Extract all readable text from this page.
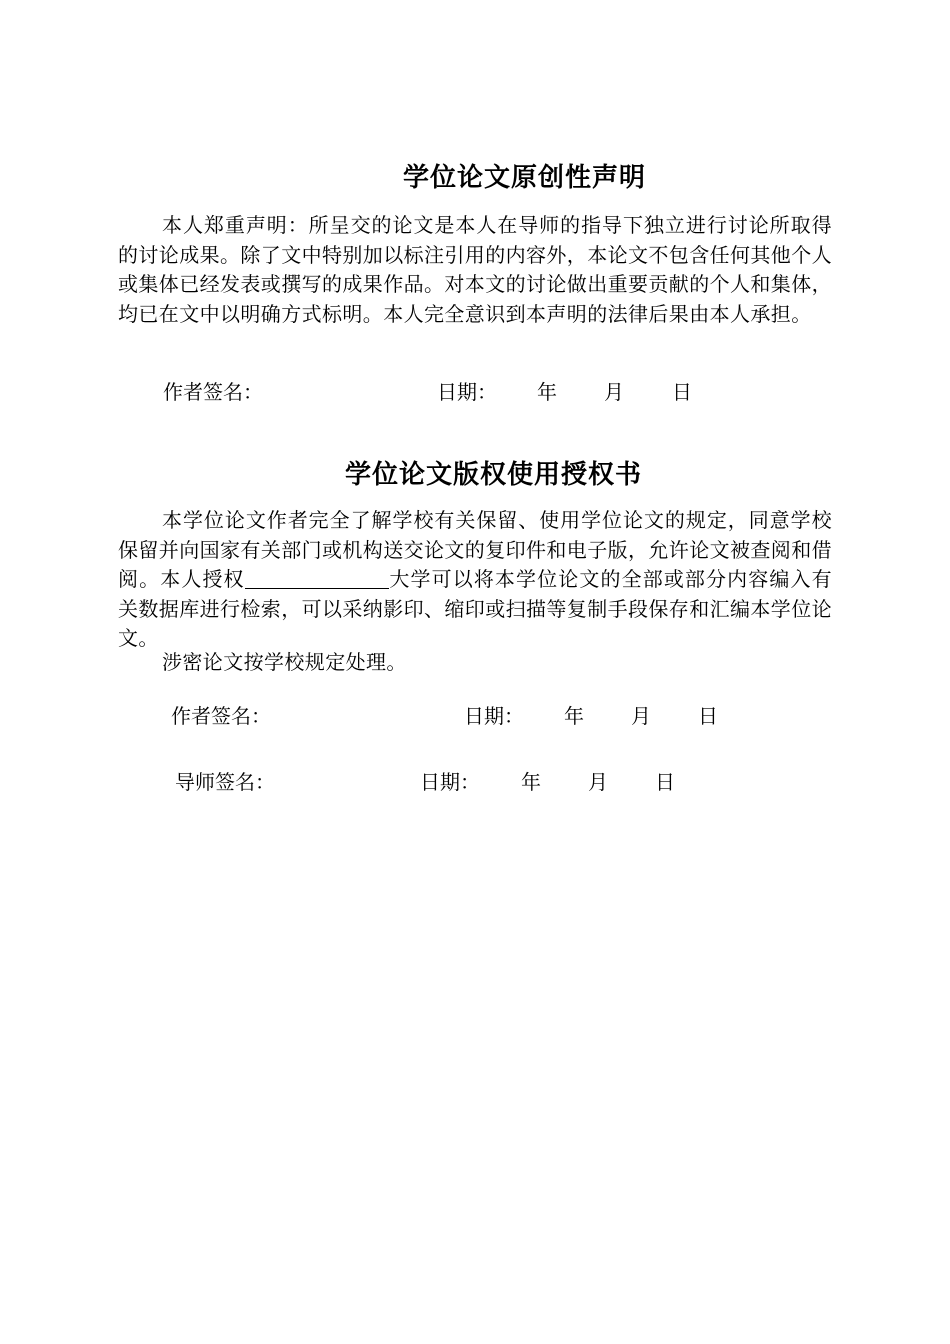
学位论文原创性声明

本人郑重声明：所呈交的论文是本人在导师的指导下独立进行讨论所取得的讨论成果。除了文中特别加以标注引用的内容外，本论文不包含任何其他个人或集体已经发表或撰写的成果作品。对本文的讨论做出重要贡献的个人和集体，均已在文中以明确方式标明。本人完全意识到本声明的法律后果由本人承担。

作者签名：	日期： 年 月 日
学位论文版权使用授权书

本学位论文作者完全了解学校有关保留、使用学位论文的规定，同意学校保留并向国家有关部门或机构送交论文的复印件和电子版，允许论文被查阅和借阅。本人授权	大学可以将本学位论文的全部或部分内容编入有关数据库进行检索，可以采纳影印、缩印或扫描等复制手段保存和汇编本学位论文。

涉密论文按学校规定处理。

作者签名：	日期： 年 月 日
导师签名：	日期： 年 月 日
